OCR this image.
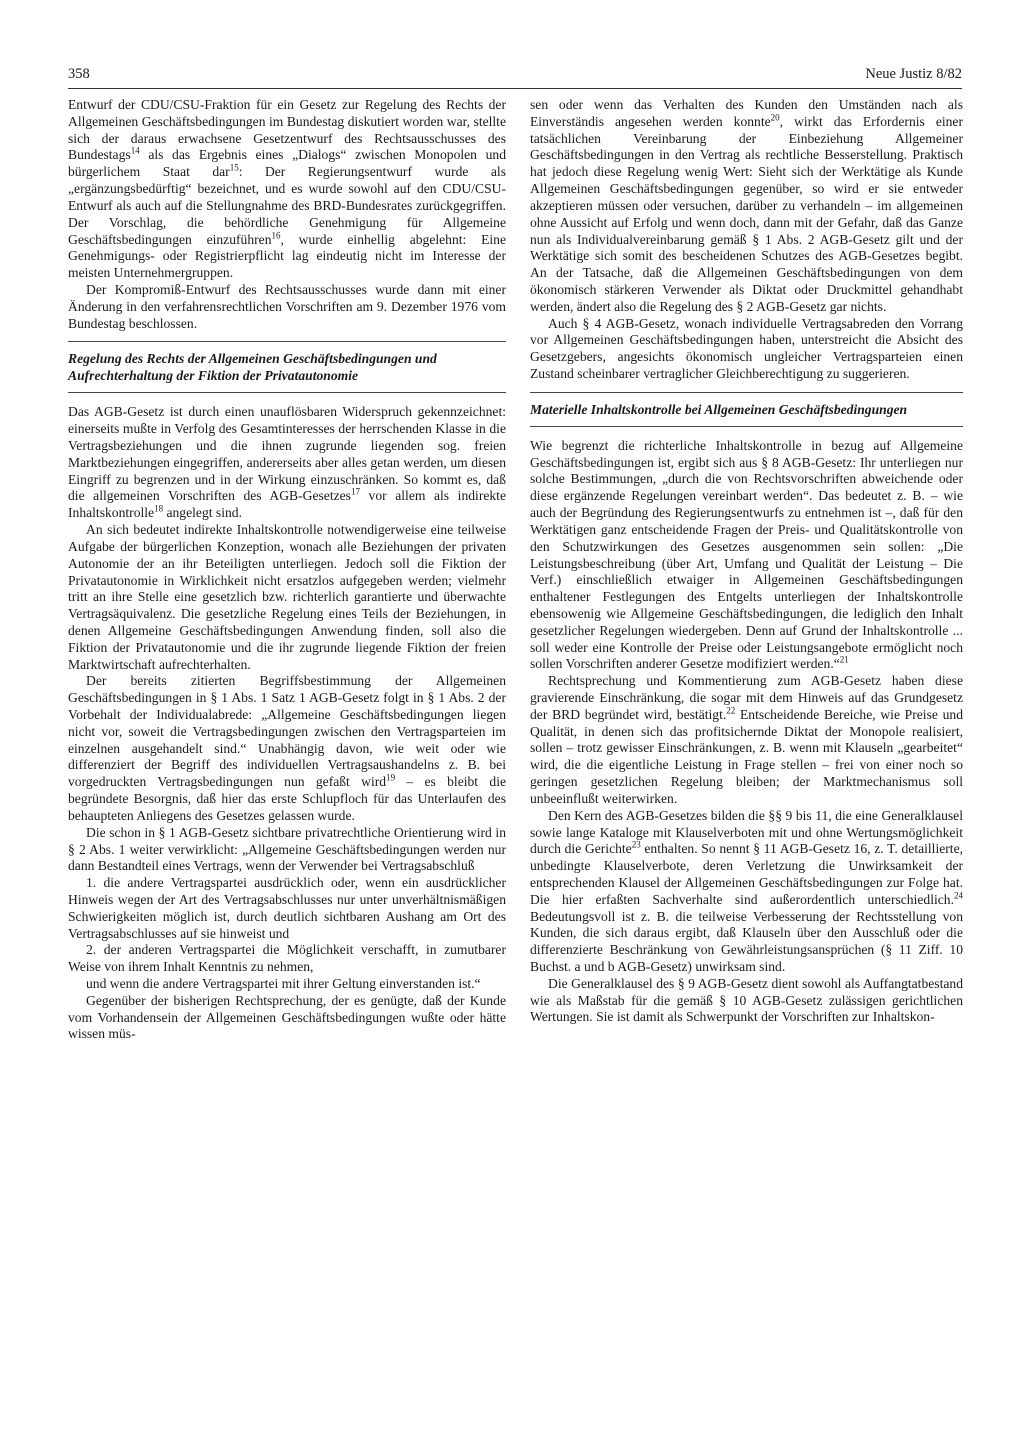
358	Neue Justiz 8/82

Entwurf der CDU/CSU-Fraktion für ein Gesetz zur Regelung des Rechts der Allgemeinen Geschäftsbedingungen im Bundestag diskutiert worden war, stellte sich der daraus erwachsene Gesetzentwurf des Rechtsausschusses des Bundestags$^{14}$ als das Ergebnis eines „Dialogs“ zwischen Monopolen und bürgerlichem Staat dar$^{15}$: Der Regierungsentwurf wurde als „ergänzungsbedürftig“ bezeichnet, und es wurde sowohl auf den CDU/CSU-Entwurf als auch auf die Stellungnahme des BRD-Bundesrates zurückgegriffen. Der Vorschlag, die behördliche Genehmigung für Allgemeine Geschäftsbedingungen einzuführen$^{16}$, wurde einhellig abgelehnt: Eine Genehmigungs- oder Registrierpflicht lag eindeutig nicht im Interesse der meisten Unternehmergruppen.

Der Kompromiß-Entwurf des Rechtsausschusses wurde dann mit einer Änderung in den verfahrensrechtlichen Vorschriften am 9. Dezember 1976 vom Bundestag beschlossen.

Regelung des Rechts der Allgemeinen Geschäftsbedingungen und Aufrechterhaltung der Fiktion der Privatautonomie

Das AGB-Gesetz ist durch einen unauflösbaren Widerspruch gekennzeichnet: einerseits mußte in Verfolg des Gesamtinteresses der herrschenden Klasse in die Vertragsbeziehungen und die ihnen zugrunde liegenden sog. freien Marktbeziehungen eingegriffen, andererseits aber alles getan werden, um diesen Eingriff zu begrenzen und in der Wirkung einzuschränken. So kommt es, daß die allgemeinen Vorschriften des AGB-Gesetzes$^{17}$ vor allem als indirekte Inhaltskontrolle$^{18}$ angelegt sind.

An sich bedeutet indirekte Inhaltskontrolle notwendigerweise eine teilweise Aufgabe der bürgerlichen Konzeption, wonach alle Beziehungen der privaten Autonomie der an ihr Beteiligten unterliegen. Jedoch soll die Fiktion der Privatautonomie in Wirklichkeit nicht ersatzlos aufgegeben werden; vielmehr tritt an ihre Stelle eine gesetzlich bzw. richterlich garantierte und überwachte Vertragsäquivalenz. Die gesetzliche Regelung eines Teils der Beziehungen, in denen Allgemeine Geschäftsbedingungen Anwendung finden, soll also die Fiktion der Privatautonomie und die ihr zugrunde liegende Fiktion der freien Marktwirtschaft aufrechterhalten.

Der bereits zitierten Begriffsbestimmung der Allgemeinen Geschäftsbedingungen in § 1 Abs. 1 Satz 1 AGB-Gesetz folgt in § 1 Abs. 2 der Vorbehalt der Individualabrede: „Allgemeine Geschäftsbedingungen liegen nicht vor, soweit die Vertragsbedingungen zwischen den Vertragsparteien im einzelnen ausgehandelt sind.“ Unabhängig davon, wie weit oder wie differenziert der Begriff des individuellen Vertragsaushandelns z. B. bei vorgedruckten Vertragsbedingungen nun gefaßt wird$^{19}$ – es bleibt die begründete Besorgnis, daß hier das erste Schlupfloch für das Unterlaufen des behaupteten Anliegens des Gesetzes gelassen wurde.

Die schon in § 1 AGB-Gesetz sichtbare privatrechtliche Orientierung wird in § 2 Abs. 1 weiter verwirklicht: „Allgemeine Geschäftsbedingungen werden nur dann Bestandteil eines Vertrags, wenn der Verwender bei Vertragsabschluß

1. die andere Vertragspartei ausdrücklich oder, wenn ein ausdrücklicher Hinweis wegen der Art des Vertragsabschlusses nur unter unverhältnismäßigen Schwierigkeiten möglich ist, durch deutlich sichtbaren Aushang am Ort des Vertragsabschlusses auf sie hinweist und

2. der anderen Vertragspartei die Möglichkeit verschafft, in zumutbarer Weise von ihrem Inhalt Kenntnis zu nehmen,

und wenn die andere Vertragspartei mit ihrer Geltung einverstanden ist.“

Gegenüber der bisherigen Rechtsprechung, der es genügte, daß der Kunde vom Vorhandensein der Allgemeinen Geschäftsbedingungen wußte oder hätte wissen müs-

sen oder wenn das Verhalten des Kunden den Umständen nach als Einverständis angesehen werden konnte$^{20}$, wirkt das Erfordernis einer tatsächlichen Vereinbarung der Einbeziehung Allgemeiner Geschäftsbedingungen in den Vertrag als rechtliche Besserstellung. Praktisch hat jedoch diese Regelung wenig Wert: Sieht sich der Werktätige als Kunde Allgemeinen Geschäftsbedingungen gegenüber, so wird er sie entweder akzeptieren müssen oder versuchen, darüber zu verhandeln – im allgemeinen ohne Aussicht auf Erfolg und wenn doch, dann mit der Gefahr, daß das Ganze nun als Individualvereinbarung gemäß § 1 Abs. 2 AGB-Gesetz gilt und der Werktätige sich somit des bescheidenen Schutzes des AGB-Gesetzes begibt. An der Tatsache, daß die Allgemeinen Geschäftsbedingungen von dem ökonomisch stärkeren Verwender als Diktat oder Druckmittel gehandhabt werden, ändert also die Regelung des § 2 AGB-Gesetz gar nichts.

Auch § 4 AGB-Gesetz, wonach individuelle Vertragsabreden den Vorrang vor Allgemeinen Geschäftsbedingungen haben, unterstreicht die Absicht des Gesetzgebers, angesichts ökonomisch ungleicher Vertragsparteien einen Zustand scheinbarer vertraglicher Gleichberechtigung zu suggerieren.

Materielle Inhaltskontrolle bei Allgemeinen Geschäftsbedingungen

Wie begrenzt die richterliche Inhaltskontrolle in bezug auf Allgemeine Geschäftsbedingungen ist, ergibt sich aus § 8 AGB-Gesetz: Ihr unterliegen nur solche Bestimmungen, „durch die von Rechtsvorschriften abweichende oder diese ergänzende Regelungen vereinbart werden“. Das bedeutet z. B. – wie auch der Begründung des Regierungsentwurfs zu entnehmen ist –, daß für den Werktätigen ganz entscheidende Fragen der Preis- und Qualitätskontrolle von den Schutzwirkungen des Gesetzes ausgenommen sein sollen: „Die Leistungsbeschreibung (über Art, Umfang und Qualität der Leistung – Die Verf.) einschließlich etwaiger in Allgemeinen Geschäftsbedingungen enthaltener Festlegungen des Entgelts unterliegen der Inhaltskontrolle ebensowenig wie Allgemeine Geschäftsbedingungen, die lediglich den Inhalt gesetzlicher Regelungen wiedergeben. Denn auf Grund der Inhaltskontrolle ... soll weder eine Kontrolle der Preise oder Leistungsangebote ermöglicht noch sollen Vorschriften anderer Gesetze modifiziert werden.“$^{21}$

Rechtsprechung und Kommentierung zum AGB-Gesetz haben diese gravierende Einschränkung, die sogar mit dem Hinweis auf das Grundgesetz der BRD begründet wird, bestätigt.$^{22}$ Entscheidende Bereiche, wie Preise und Qualität, in denen sich das profitsichernde Diktat der Monopole realisiert, sollen – trotz gewisser Einschränkungen, z. B. wenn mit Klauseln „gearbeitet“ wird, die die eigentliche Leistung in Frage stellen – frei von einer noch so geringen gesetzlichen Regelung bleiben; der Marktmechanismus soll unbeeinflußt weiterwirken.

Den Kern des AGB-Gesetzes bilden die §§ 9 bis 11, die eine Generalklausel sowie lange Kataloge mit Klauselverboten mit und ohne Wertungsmöglichkeit durch die Gerichte$^{23}$ enthalten. So nennt § 11 AGB-Gesetz 16, z. T. detaillierte, unbedingte Klauselverbote, deren Verletzung die Unwirksamkeit der entsprechenden Klausel der Allgemeinen Geschäftsbedingungen zur Folge hat. Die hier erfaßten Sachverhalte sind außerordentlich unterschiedlich.$^{24}$ Bedeutungsvoll ist z. B. die teilweise Verbesserung der Rechtsstellung von Kunden, die sich daraus ergibt, daß Klauseln über den Ausschluß oder die differenzierte Beschränkung von Gewährleistungsansprüchen (§ 11 Ziff. 10 Buchst. a und b AGB-Gesetz) unwirksam sind.

Die Generalklausel des § 9 AGB-Gesetz dient sowohl als Auffangtatbestand wie als Maßstab für die gemäß § 10 AGB-Gesetz zulässigen gerichtlichen Wertungen. Sie ist damit als Schwerpunkt der Vorschriften zur Inhaltskon-
